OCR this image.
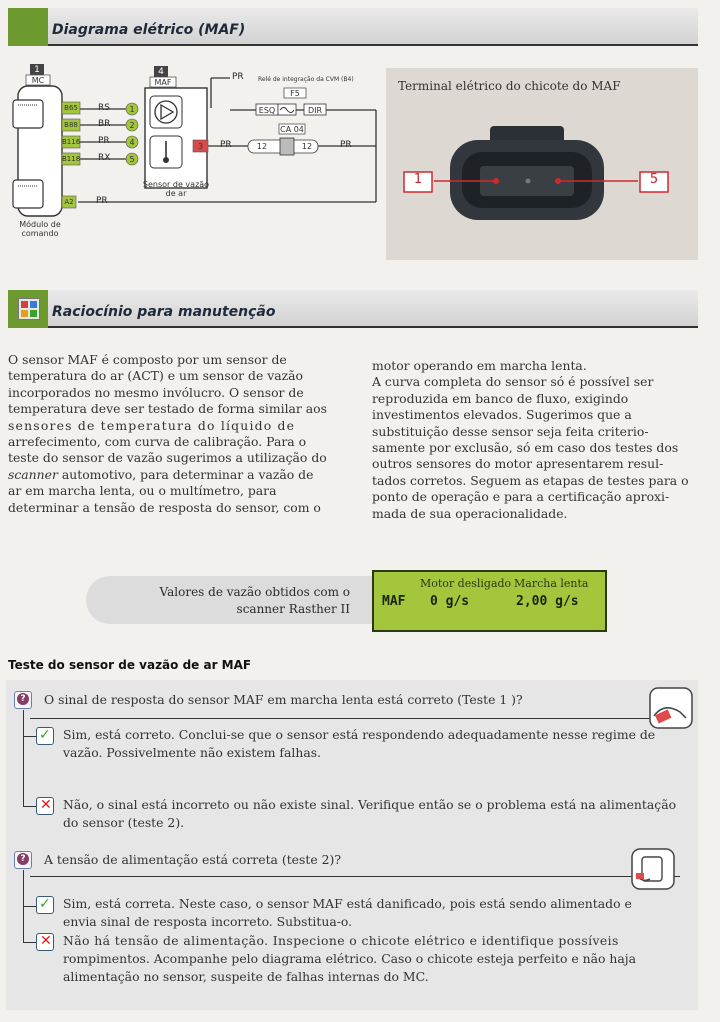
Diagrama elétrico (MAF)
1
MC
4
MAF
B65
B88
B116
B118
A2
RS
BR
PR
RX
PR
1
2
4
5
3
Módulo de
comando
Sensor de vazão
de ar
PR Relé de integração da CVM (B4)
F5
ESQ	DIR
CA 04
12	12
PR	PR
Terminal elétrico do chicote do MAF
1	5
Raciocínio para manutenção
O sensor MAF é composto por um sensor de
temperatura do ar (ACT) e um sensor de vazão
incorporados no mesmo invólucro. O sensor de
temperatura deve ser testado de forma similar aos
sensores de temperatura do líquido de
arrefecimento, com curva de calibração. Para o
teste do sensor de vazão sugerimos a utilização do
scanner automotivo, para determinar a vazão de
ar em marcha lenta, ou o multímetro, para
determinar a tensão de resposta do sensor, com o
motor operando em marcha lenta.
A curva completa do sensor só é possível ser
reproduzida em banco de fluxo, exigindo
investimentos elevados. Sugerimos que a
substituição desse sensor seja feita criterio-
samente por exclusão, só em caso dos testes dos
outros sensores do motor apresentarem resul-
tados corretos. Seguem as etapas de testes para o
ponto de operação e para a certificação aproxi-
mada de sua operacionalidade.
Valores de vazão obtidos com o
scanner Rasther II
Motor desligado Marcha lenta
MAF 0 g/s	2,00 g/s
Teste do sensor de vazão de ar MAF
? O sinal de resposta do sensor MAF em marcha lenta está correto (Teste 1 )?
✓ Sim, está correto. Conclui-se que o sensor está respondendo adequadamente nesse regime de
vazão. Possivelmente não existem falhas.
✕ Não, o sinal está incorreto ou não existe sinal. Verifique então se o problema está na alimentação
do sensor (teste 2).
? A tensão de alimentação está correta (teste 2)?
✓ Sim, está correta. Neste caso, o sensor MAF está danificado, pois está sendo alimentado e
envia sinal de resposta incorreto. Substitua-o.
✕ Não há tensão de alimentação. Inspecione o chicote elétrico e identifique possíveis
rompimentos. Acompanhe pelo diagrama elétrico. Caso o chicote esteja perfeito e não haja
alimentação no sensor, suspeite de falhas internas do MC.
